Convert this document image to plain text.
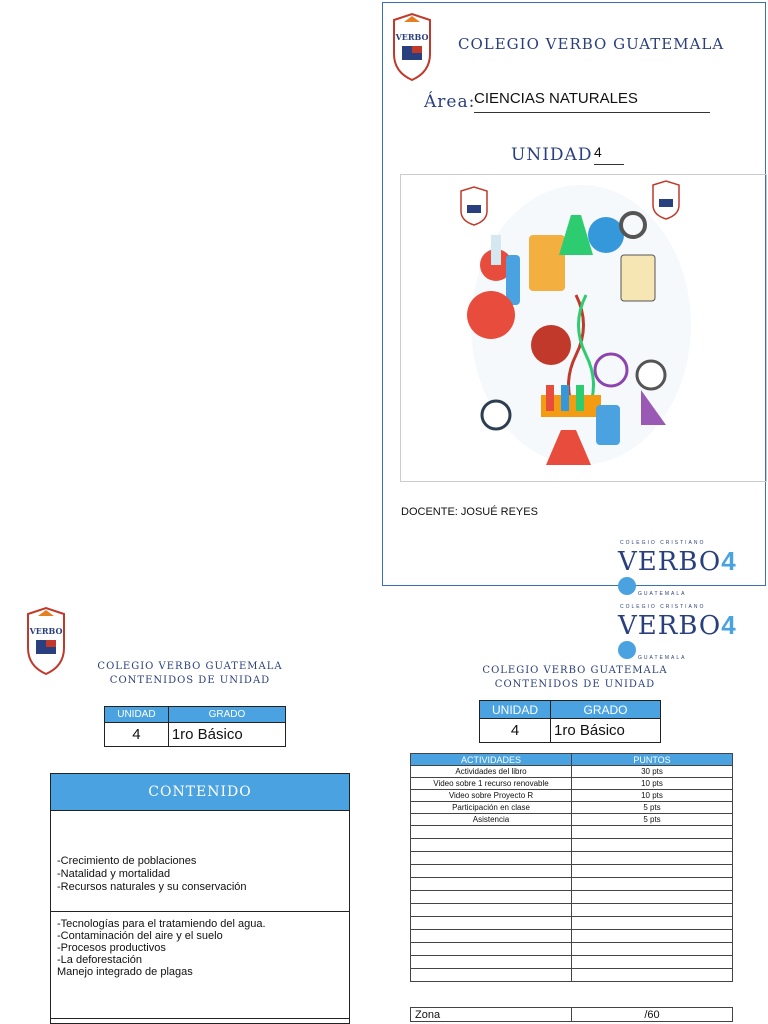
VERBO COLEGIO VERBO GUATEMALA
Área:
CIENCIAS NATURALES
UNIDAD 4
DOCENTE: JOSUÉ REYES
COLEGIO CRISTIANO
VERBO4
GUATEMALA
VERBO
COLEGIO VERBO GUATEMALA
CONTENIDOS DE UNIDAD
UNIDAD	GRADO
4	1ro Básico
CONTENIDO
-Crecimiento de poblaciones
-Natalidad y mortalidad
-Recursos naturales y su conservación
-Tecnologías para el tratamiendo del agua.
-Contaminación del aire y el suelo
-Procesos productivos
-La deforestación
Manejo integrado de plagas
COLEGIO CRISTIANO
VERBO4
GUATEMALA
COLEGIO VERBO GUATEMALA
CONTENIDOS DE UNIDAD
UNIDAD	GRADO
4	1ro Básico
ACTIVIDADES	PUNTOS
Actividades del libro	30 pts
Video sobre 1 recurso renovable	10 pts
Video sobre Proyecto R	10 pts
Participación en clase	5 pts
Asistencia	5 pts

Zona	/60
